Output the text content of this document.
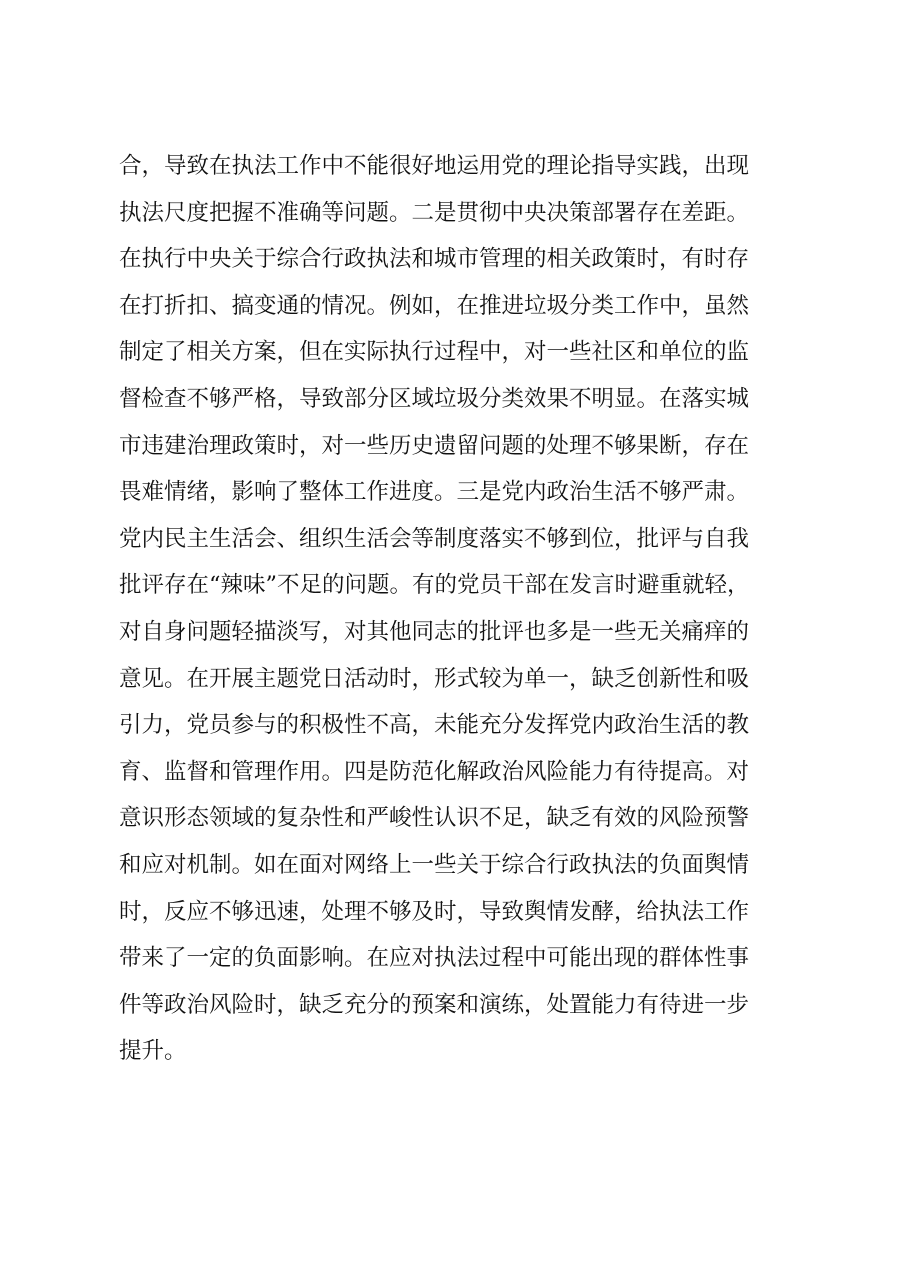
合，导致在执法工作中不能很好地运用党的理论指导实践，出现
执法尺度把握不准确等问题。二是贯彻中央决策部署存在差距。
在执行中央关于综合行政执法和城市管理的相关政策时，有时存
在打折扣、搞变通的情况。例如，在推进垃圾分类工作中，虽然
制定了相关方案，但在实际执行过程中，对一些社区和单位的监
督检查不够严格，导致部分区域垃圾分类效果不明显。在落实城
市违建治理政策时，对一些历史遗留问题的处理不够果断，存在
畏难情绪，影响了整体工作进度。三是党内政治生活不够严肃。
党内民主生活会、组织生活会等制度落实不够到位，批评与自我
批评存在“辣味”不足的问题。有的党员干部在发言时避重就轻，
对自身问题轻描淡写，对其他同志的批评也多是一些无关痛痒的
意见。在开展主题党日活动时，形式较为单一，缺乏创新性和吸
引力，党员参与的积极性不高，未能充分发挥党内政治生活的教
育、监督和管理作用。四是防范化解政治风险能力有待提高。对
意识形态领域的复杂性和严峻性认识不足，缺乏有效的风险预警
和应对机制。如在面对网络上一些关于综合行政执法的负面舆情
时，反应不够迅速，处理不够及时，导致舆情发酵，给执法工作
带来了一定的负面影响。在应对执法过程中可能出现的群体性事
件等政治风险时，缺乏充分的预案和演练，处置能力有待进一步
提升。
